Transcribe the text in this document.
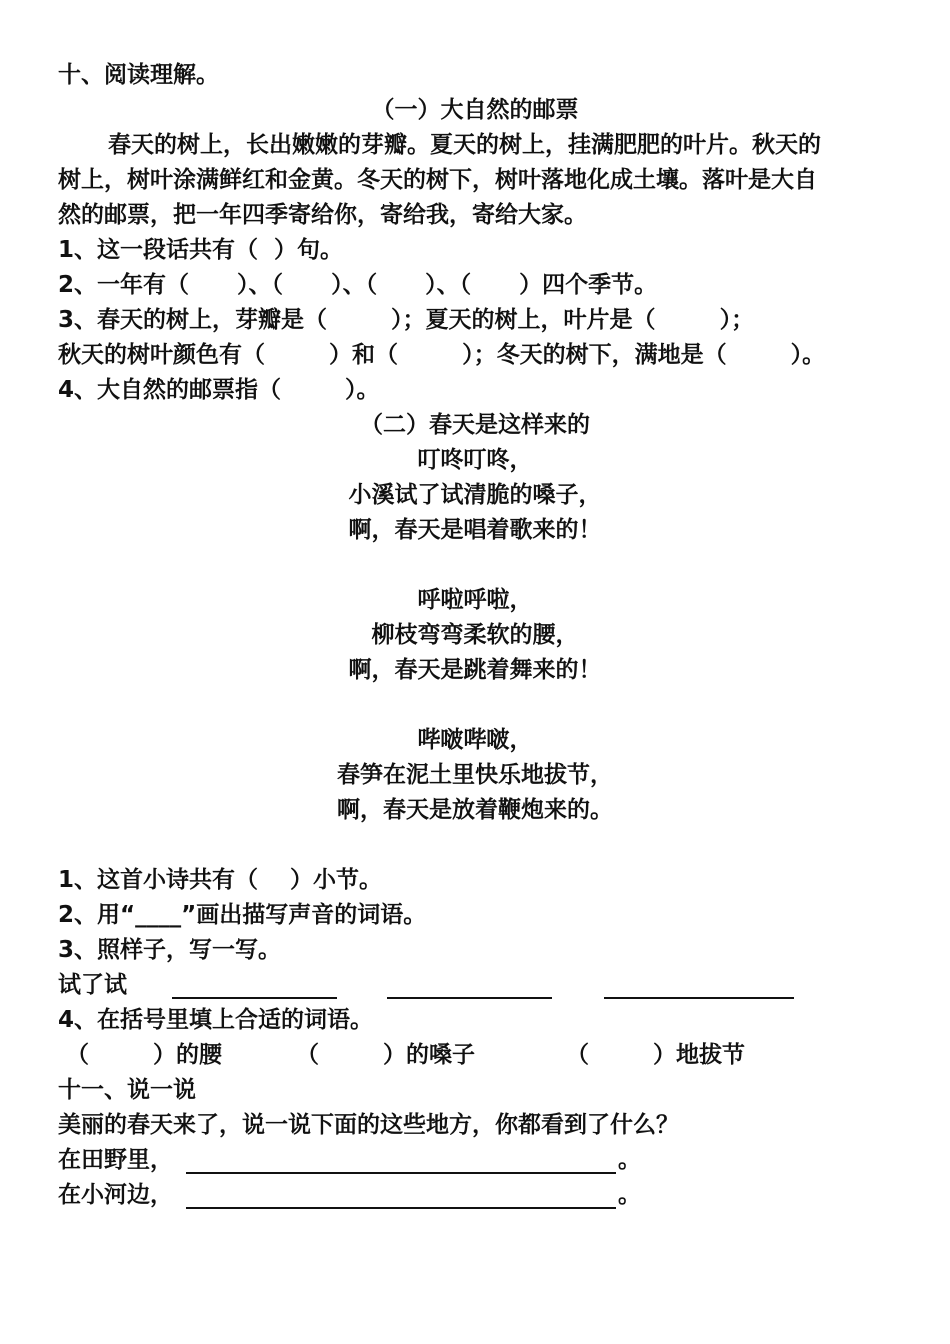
十、阅读理解。
（一）大自然的邮票
春天的树上，长出嫩嫩的芽瓣。夏天的树上，挂满肥肥的叶片。秋天的
树上，树叶涂满鲜红和金黄。冬天的树下，树叶落地化成土壤。落叶是大自
然的邮票，把一年四季寄给你，寄给我，寄给大家。
1、这一段话共有（  ）句。
2、一年有（      ）、（      ）、（      ）、（      ）四个季节。
3、春天的树上，芽瓣是（        ）；夏天的树上，叶片是（        ）；
秋天的树叶颜色有（        ）和（        ）；冬天的树下，满地是（        ）。
4、大自然的邮票指（        ）。
（二）春天是这样来的
叮咚叮咚，
小溪试了试清脆的嗓子，
啊，春天是唱着歌来的！
呼啦呼啦，
柳枝弯弯柔软的腰，
啊，春天是跳着舞来的！
哔啵哔啵，
春笋在泥土里快乐地拔节，
啊，春天是放着鞭炮来的。
1、这首小诗共有（    ）小节。
2、用“____”画出描写声音的词语。
3、照样子，写一写。
试了试
4、在括号里填上合适的词语。
（        ）的腰	（        ）的嗓子	（        ）地拔节
十一、说一说
美丽的春天来了，说一说下面的这些地方，你都看到了什么？
在田野里，	。
在小河边，	。
